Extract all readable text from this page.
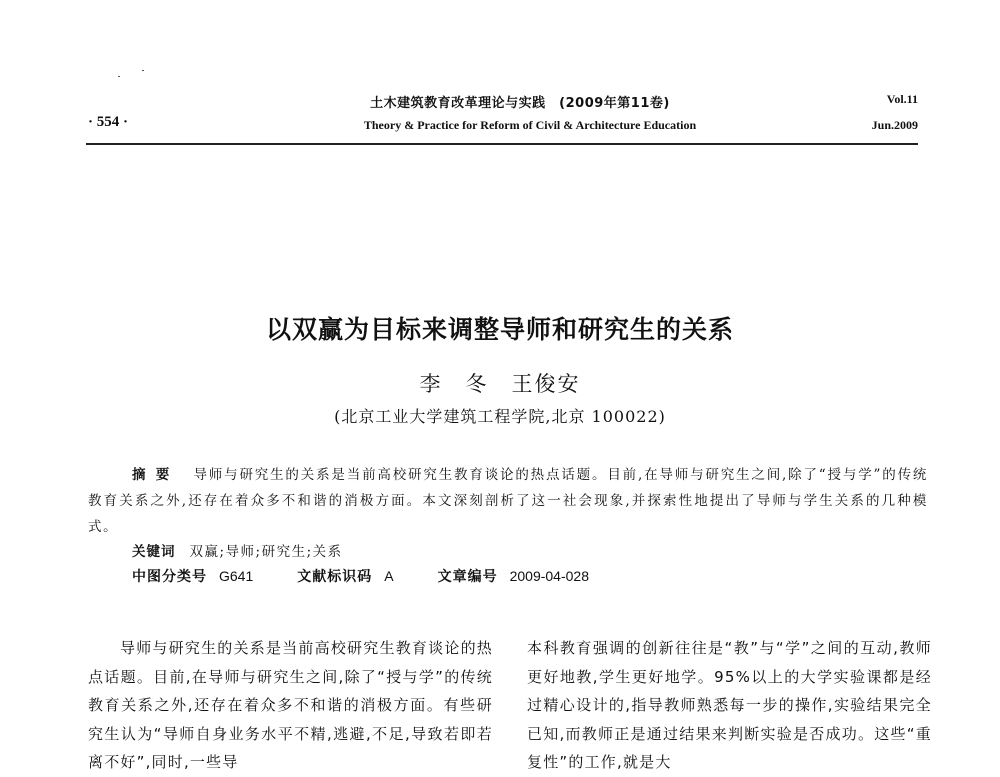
土木建筑教育改革理论与实践　(2009年第11卷)
Theory & Practice for Reform of Civil & Architecture Education
· 554 ·
Vol.11
Jun.2009
以双赢为目标来调整导师和研究生的关系
李　冬　王俊安
(北京工业大学建筑工程学院,北京 100022)
摘要 导师与研究生的关系是当前高校研究生教育谈论的热点话题。目前,在导师与研究生之间,除了“授与学”的传统教育关系之外,还存在着众多不和谐的消极方面。本文深刻剖析了这一社会现象,并探索性地提出了导师与学生关系的几种模式。
关键词 双赢;导师;研究生;关系
中图分类号 G641	文献标识码 A	文章编号 2009-04-028

导师与研究生的关系是当前高校研究生教育谈论的热点话题。目前,在导师与研究生之间,除了“授与学”的传统教育关系之外,还存在着众多不和谐的消极方面。有些研究生认为“导师自身业务水平不精,逃避,不足,导致若即若离不好”,同时,一些导

本科教育强调的创新往往是“教”与“学”之间的互动,教师更好地教,学生更好地学。95%以上的大学实验课都是经过精心设计的,指导教师熟悉每一步的操作,实验结果完全已知,而教师正是通过结果来判断实验是否成功。这些“重复性”的工作,就是大
